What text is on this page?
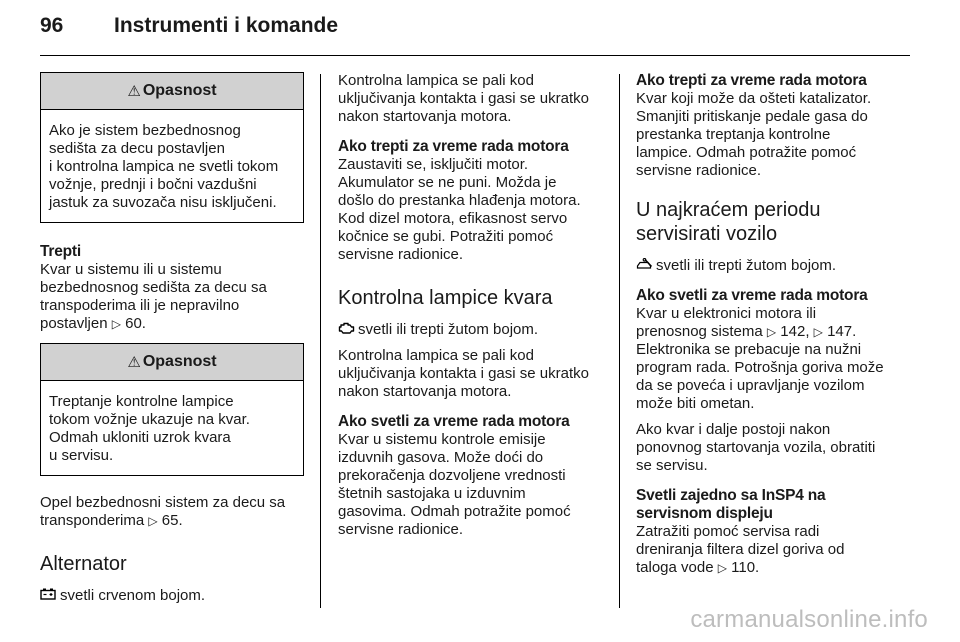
96 Instrumenti i komande
⚠ Opasnost
Ako je sistem bezbednosnog
sedišta za decu postavljen
i kontrolna lampica ne svetli tokom
vožnje, prednji i bočni vazdušni
jastuk za suvozača nisu isključeni.
Trepti
Kvar u sistemu ili u sistemu
bezbednosnog sedišta za decu sa
transpoderima ili je nepravilno
postavljen ▷ 60.
⚠ Opasnost
Treptanje kontrolne lampice
tokom vožnje ukazuje na kvar.
Odmah ukloniti uzrok kvara
u servisu.
Opel bezbednosni sistem za decu sa
transponderima ▷ 65.
Alternator
svetli crvenom bojom.
Kontrolna lampica se pali kod
uključivanja kontakta i gasi se ukratko
nakon startovanja motora.
Ako trepti za vreme rada motora
Zaustaviti se, isključiti motor.
Akumulator se ne puni. Možda je
došlo do prestanka hlađenja motora.
Kod dizel motora, efikasnost servo
kočnice se gubi. Potražiti pomoć
servisne radionice.
Kontrolna lampice kvara
svetli ili trepti žutom bojom.
Kontrolna lampica se pali kod
uključivanja kontakta i gasi se ukratko
nakon startovanja motora.
Ako svetli za vreme rada motora
Kvar u sistemu kontrole emisije
izduvnih gasova. Može doći do
prekoračenja dozvoljene vrednosti
štetnih sastojaka u izduvnim
gasovima. Odmah potražite pomoć
servisne radionice.
Ako trepti za vreme rada motora
Kvar koji može da ošteti katalizator.
Smanjiti pritiskanje pedale gasa do
prestanka treptanja kontrolne
lampice. Odmah potražite pomoć
servisne radionice.
U najkraćem periodu
servisirati vozilo
svetli ili trepti žutom bojom.
Ako svetli za vreme rada motora
Kvar u elektronici motora ili
prenosnog sistema ▷ 142, ▷ 147.
Elektronika se prebacuje na nužni
program rada. Potrošnja goriva može
da se poveća i upravljanje vozilom
može biti ometan.
Ako kvar i dalje postoji nakon
ponovnog startovanja vozila, obratiti
se servisu.
Svetli zajedno sa InSP4 na
servisnom displeju
Zatražiti pomoć servisa radi
dreniranja filtera dizel goriva od
taloga vode ▷ 110.
carmanualsonline.info
